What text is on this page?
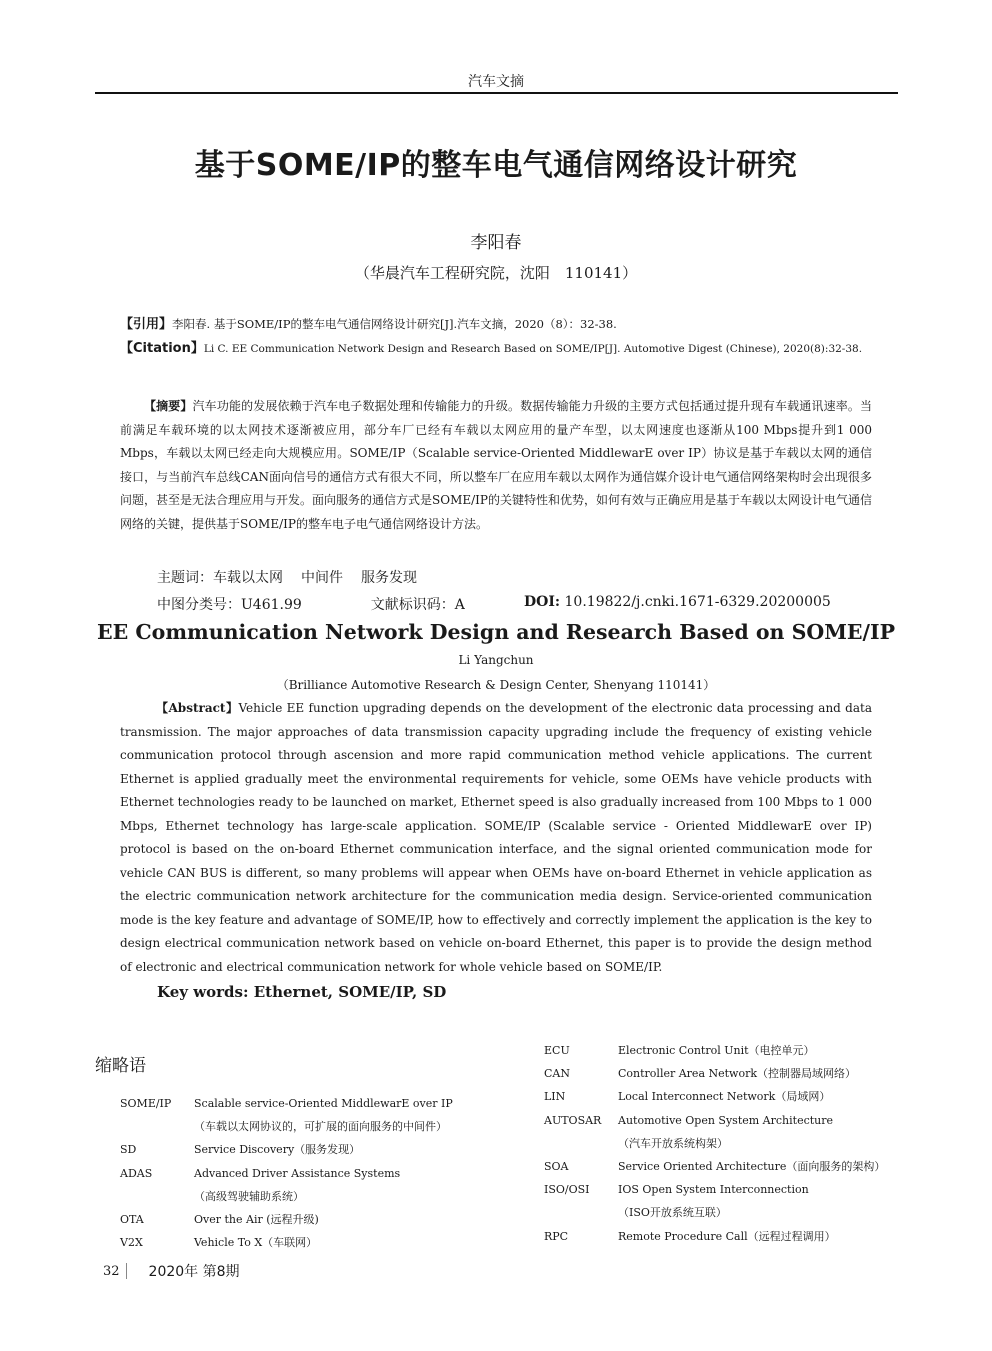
汽车文摘
基于SOME/IP的整车电气通信网络设计研究
李阳春
（华晨汽车工程研究院，沈阳　110141）
【引用】李阳春. 基于SOME/IP的整车电气通信网络设计研究[J].汽车文摘，2020（8）：32-38.
【Citation】Li C. EE Communication Network Design and Research Based on SOME/IP[J]. Automotive Digest (Chinese), 2020(8):32-38.
【摘要】汽车功能的发展依赖于汽车电子数据处理和传输能力的升级。数据传输能力升级的主要方式包括通过提升现有车载通讯速率。当前满足车载环境的以太网技术逐渐被应用，部分车厂已经有车载以太网应用的量产车型，以太网速度也逐渐从100 Mbps提升到1 000 Mbps，车载以太网已经走向大规模应用。SOME/IP（Scalable service-Oriented MiddlewarE over IP）协议是基于车载以太网的通信接口，与当前汽车总线CAN面向信号的通信方式有很大不同，所以整车厂在应用车载以太网作为通信媒介设计电气通信网络架构时会出现很多问题，甚至是无法合理应用与开发。面向服务的通信方式是SOME/IP的关键特性和优势，如何有效与正确应用是基于车载以太网设计电气通信网络的关键，提供基于SOME/IP的整车电子电气通信网络设计方法。
主题词：车载以太网 中间件 服务发现
中图分类号：U461.99	文献标识码：A	DOI: 10.19822/j.cnki.1671-6329.20200005
EE Communication Network Design and Research Based on SOME/IP
Li Yangchun
（Brilliance Automotive Research & Design Center, Shenyang 110141）
【Abstract】Vehicle EE function upgrading depends on the development of the electronic data processing and data transmission. The major approaches of data transmission capacity upgrading include the frequency of existing vehicle communication protocol through ascension and more rapid communication method vehicle applications. The current Ethernet is applied gradually meet the environmental requirements for vehicle, some OEMs have vehicle products with Ethernet technologies ready to be launched on market, Ethernet speed is also gradually increased from 100 Mbps to 1 000 Mbps, Ethernet technology has large-scale application. SOME/IP (Scalable service - Oriented MiddlewarE over IP) protocol is based on the on-board Ethernet communication interface, and the signal oriented communication mode for vehicle CAN BUS is different, so many problems will appear when OEMs have on-board Ethernet in vehicle application as the electric communication network architecture for the communication media design. Service-oriented communication mode is the key feature and advantage of SOME/IP, how to effectively and correctly implement the application is the key to design electrical communication network based on vehicle on-board Ethernet, this paper is to provide the design method of electronic and electrical communication network for whole vehicle based on SOME/IP.
Key words: Ethernet, SOME/IP, SD
缩略语
SOME/IP	Scalable service-Oriented MiddlewarE over IP
（车载以太网协议的，可扩展的面向服务的中间件）
SD	Service Discovery（服务发现）
ADAS	Advanced Driver Assistance Systems
（高级驾驶辅助系统）
OTA	Over the Air (远程升级)
V2X	Vehicle To X（车联网）
ECU	Electronic Control Unit（电控单元）
CAN	Controller Area Network（控制器局域网络）
LIN	Local Interconnect Network（局域网）
AUTOSAR	Automotive Open System Architecture
（汽车开放系统构架）
SOA	Service Oriented Architecture（面向服务的架构）
ISO/OSI	IOS Open System Interconnection
（ISO开放系统互联）
RPC	Remote Procedure Call（远程过程调用）
32 2020年 第8期
